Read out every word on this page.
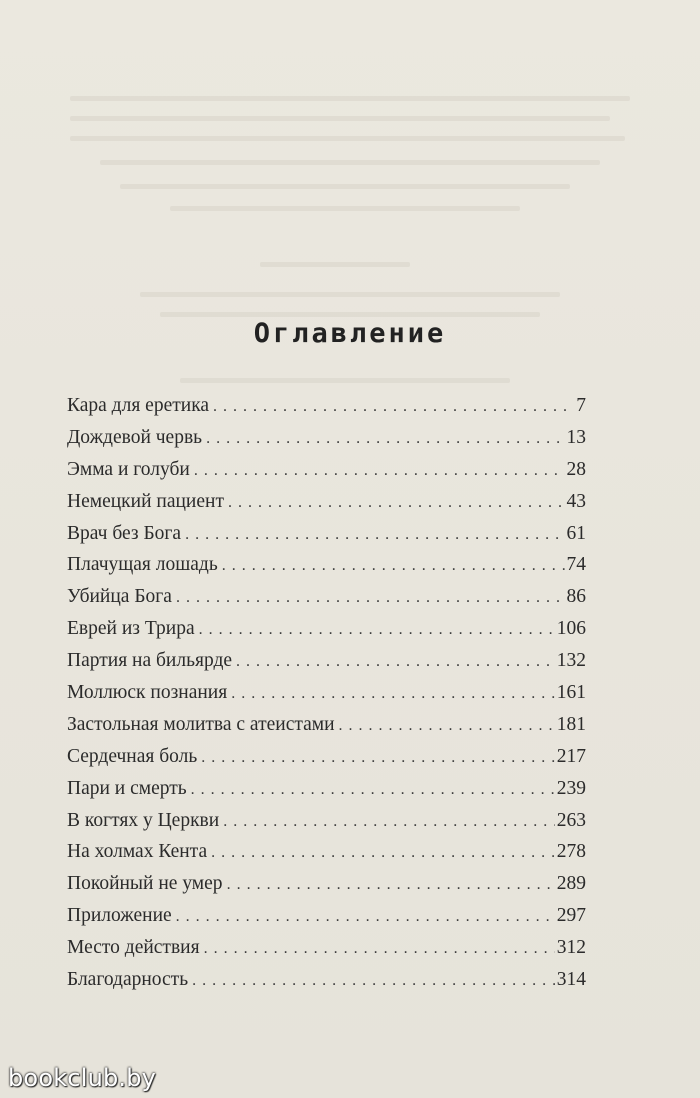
Оглавление
Кара для еретика . . .	7
Дождевой червь . . .	13
Эмма и голуби . . .	28
Немецкий пациент . . .	43
Врач без Бога . . .	61
Плачущая лошадь . . .	74
Убийца Бога . . .	86
Еврей из Трира . . .	106
Партия на бильярде . . .	132
Моллюск познания . . .	161
Застольная молитва с атеистами . . .	181
Сердечная боль . . .	217
Пари и смерть . . .	239
В когтях у Церкви . . .	263
На холмах Кента . . .	278
Покойный не умер . . .	289
Приложение . . .	297
Место действия . . .	312
Благодарность . . .	314
bookclub.by
